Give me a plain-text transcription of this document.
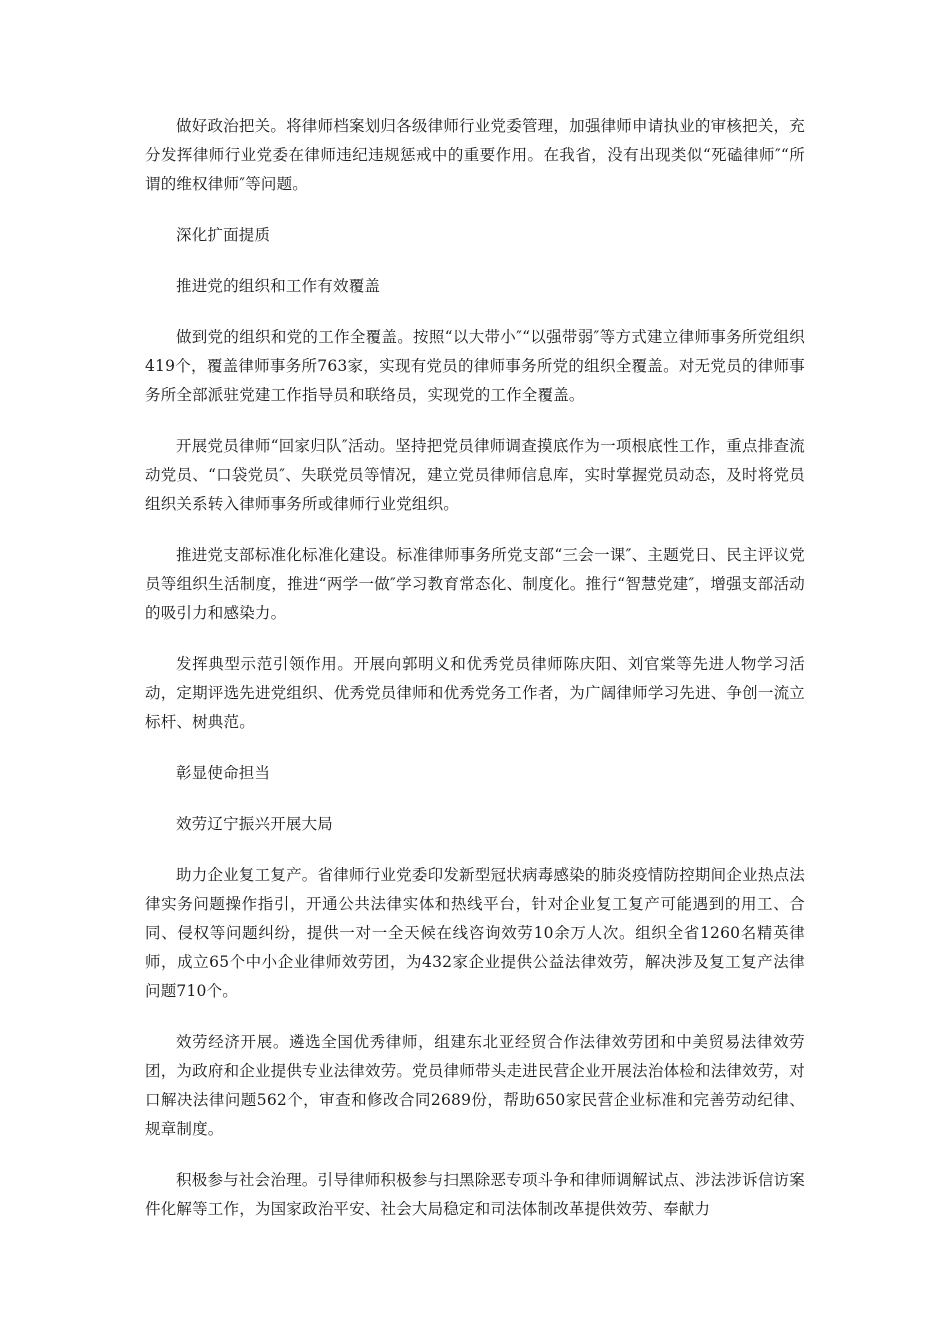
做好政治把关。将律师档案划归各级律师行业党委管理，加强律师申请执业的审核把关，充分发挥律师行业党委在律师违纪违规惩戒中的重要作用。在我省，没有出现类似“死磕律师″“所谓的维权律师″等问题。

深化扩面提质

推进党的组织和工作有效覆盖

做到党的组织和党的工作全覆盖。按照“以大带小″“以强带弱″等方式建立律师事务所党组织419个，覆盖律师事务所763家，实现有党员的律师事务所党的组织全覆盖。对无党员的律师事务所全部派驻党建工作指导员和联络员，实现党的工作全覆盖。

开展党员律师“回家归队″活动。坚持把党员律师调查摸底作为一项根底性工作，重点排查流动党员、“口袋党员″、失联党员等情况，建立党员律师信息库，实时掌握党员动态，及时将党员组织关系转入律师事务所或律师行业党组织。

推进党支部标准化标准化建设。标准律师事务所党支部“三会一课″、主题党日、民主评议党员等组织生活制度，推进“两学一做″学习教育常态化、制度化。推行“智慧党建″，增强支部活动的吸引力和感染力。

发挥典型示范引领作用。开展向郭明义和优秀党员律师陈庆阳、刘官棠等先进人物学习活动，定期评选先进党组织、优秀党员律师和优秀党务工作者，为广阔律师学习先进、争创一流立标杆、树典范。

彰显使命担当

效劳辽宁振兴开展大局

助力企业复工复产。省律师行业党委印发新型冠状病毒感染的肺炎疫情防控期间企业热点法律实务问题操作指引，开通公共法律实体和热线平台，针对企业复工复产可能遇到的用工、合同、侵权等问题纠纷，提供一对一全天候在线咨询效劳10余万人次。组织全省1260名精英律师，成立65个中小企业律师效劳团，为432家企业提供公益法律效劳，解决涉及复工复产法律问题710个。

效劳经济开展。遴选全国优秀律师，组建东北亚经贸合作法律效劳团和中美贸易法律效劳团，为政府和企业提供专业法律效劳。党员律师带头走进民营企业开展法治体检和法律效劳，对口解决法律问题562个，审查和修改合同2689份，帮助650家民营企业标准和完善劳动纪律、规章制度。

积极参与社会治理。引导律师积极参与扫黑除恶专项斗争和律师调解试点、涉法涉诉信访案件化解等工作，为国家政治平安、社会大局稳定和司法体制改革提供效劳、奉献力
